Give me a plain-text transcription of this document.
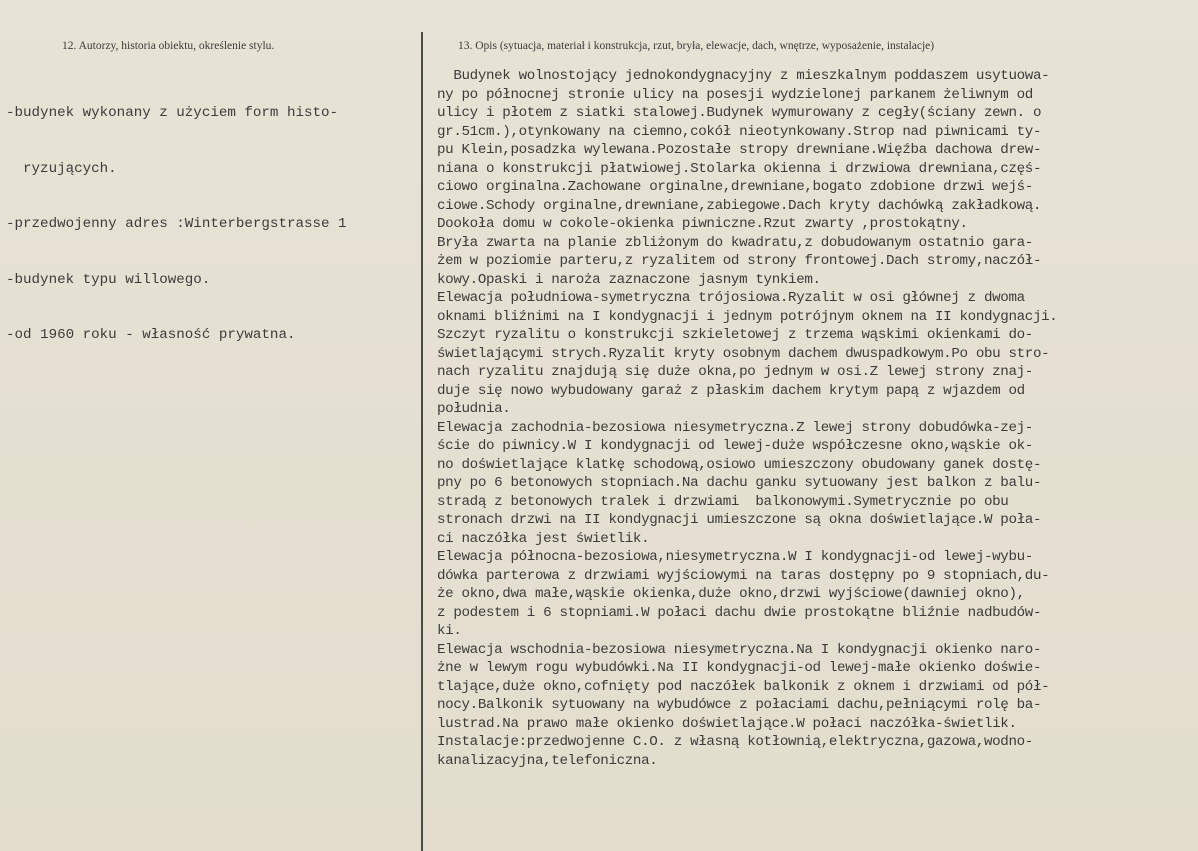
12. Autorzy, historia obiektu, określenie stylu.	13. Opis (sytuacja, materiał i konstrukcja, rzut, bryła, elewacje, dach, wnętrze, wyposażenie, instalacje)

-budynek wykonany z użyciem form histo-

ryzujących.

-przedwojenny adres :Winterbergstrasse 1

-budynek typu willowego.

-od 1960 roku - własność prywatna.

Budynek wolnostojący jednokondygnacyjny z mieszkalnym poddaszem usytuowa-
ny po północnej stronie ulicy na posesji wydzielonej parkanem żeliwnym od
ulicy i płotem z siatki stalowej.Budynek wymurowany z cegły(ściany zewn. o
gr.51cm.),otynkowany na ciemno,cokół nieotynkowany.Strop nad piwnicami ty-
pu Klein,posadzka wylewana.Pozostałe stropy drewniane.Więźba dachowa drew-
niana o konstrukcji płatwiowej.Stolarka okienna i drzwiowa drewniana,częś-
ciowo orginalna.Zachowane orginalne,drewniane,bogato zdobione drzwi wejś-
ciowe.Schody orginalne,drewniane,zabiegowe.Dach kryty dachówką zakładkową.
Dookoła domu w cokole-okienka piwniczne.Rzut zwarty ,prostokątny.
Bryła zwarta na planie zbliżonym do kwadratu,z dobudowanym ostatnio gara-
żem w poziomie parteru,z ryzalitem od strony frontowej.Dach stromy,naczół-
kowy.Opaski i naroża zaznaczone jasnym tynkiem.
Elewacja południowa-symetryczna trójosiowa.Ryzalit w osi głównej z dwoma
oknami bliźnimi na I kondygnacji i jednym potrójnym oknem na II kondygnacji.
Szczyt ryzalitu o konstrukcji szkieletowej z trzema wąskimi okienkami do-
świetlającymi strych.Ryzalit kryty osobnym dachem dwuspadkowym.Po obu stro-
nach ryzalitu znajdują się duże okna,po jednym w osi.Z lewej strony znaj-
duje się nowo wybudowany garaż z płaskim dachem krytym papą z wjazdem od
południa.
Elewacja zachodnia-bezosiowa niesymetryczna.Z lewej strony dobudówka-zej-
ście do piwnicy.W I kondygnacji od lewej-duże współczesne okno,wąskie ok-
no doświetlające klatkę schodową,osiowo umieszczony obudowany ganek dostę-
pny po 6 betonowych stopniach.Na dachu ganku sytuowany jest balkon z balu-
stradą z betonowych tralek i drzwiami  balkonowymi.Symetrycznie po obu
stronach drzwi na II kondygnacji umieszczone są okna doświetlające.W poła-
ci naczółka jest świetlik.
Elewacja północna-bezosiowa,niesymetryczna.W I kondygnacji-od lewej-wybu-
dówka parterowa z drzwiami wyjściowymi na taras dostępny po 9 stopniach,du-
że okno,dwa małe,wąskie okienka,duże okno,drzwi wyjściowe(dawniej okno),
z podestem i 6 stopniami.W połaci dachu dwie prostokątne bliźnie nadbudów-
ki.
Elewacja wschodnia-bezosiowa niesymetryczna.Na I kondygnacji okienko naro-
żne w lewym rogu wybudówki.Na II kondygnacji-od lewej-małe okienko doświe-
tlające,duże okno,cofnięty pod naczółek balkonik z oknem i drzwiami od pół-
nocy.Balkonik sytuowany na wybudówce z połaciami dachu,pełniącymi rolę ba-
lustrad.Na prawo małe okienko doświetlające.W połaci naczółka-świetlik.
Instalacje:przedwojenne C.O. z własną kotłownią,elektryczna,gazowa,wodno-
kanalizacyjna,telefoniczna.
